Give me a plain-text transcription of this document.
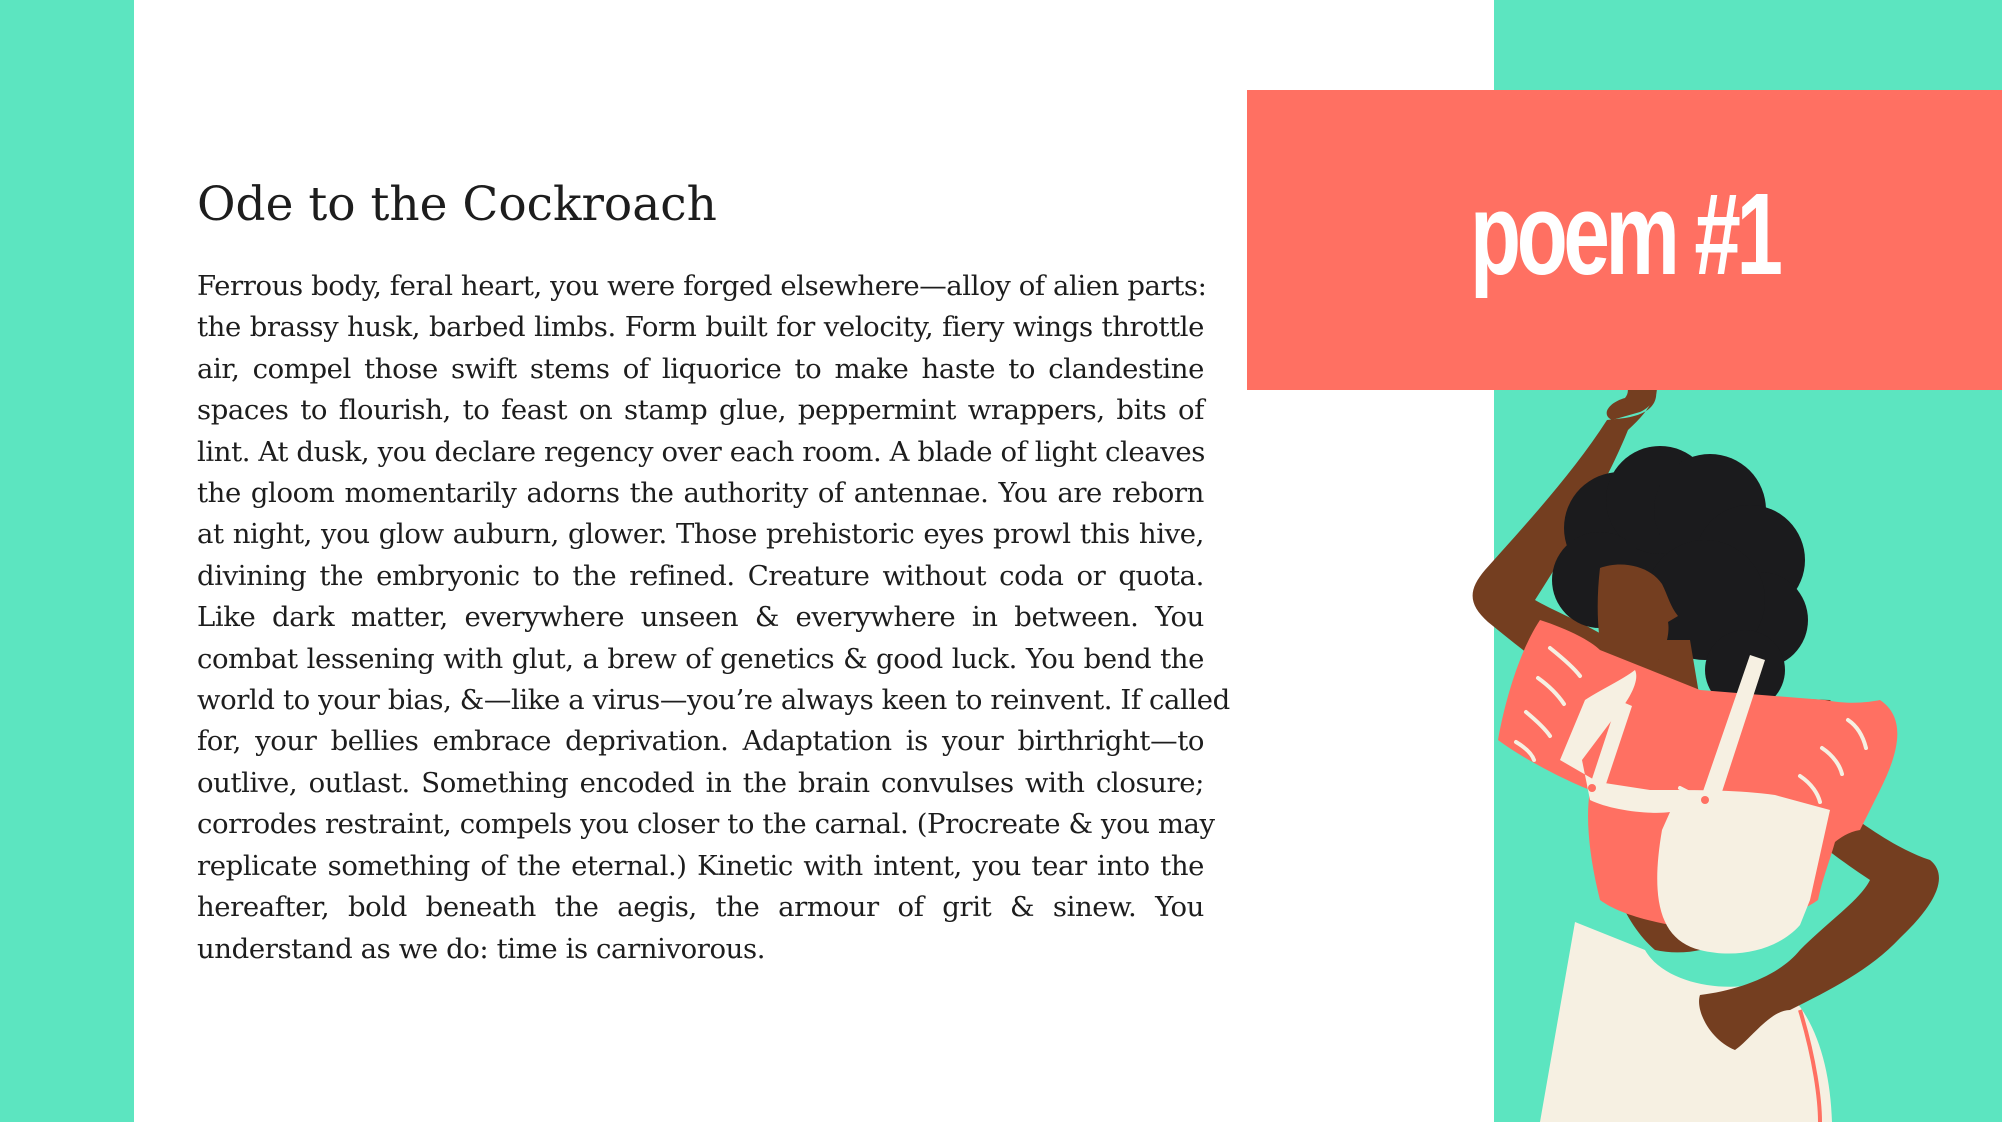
Ode to the Cockroach
Ferrous body, feral heart, you were forged elsewhere—alloy of alien parts:
the brassy husk, barbed limbs. Form built for velocity, fiery wings throttle
air, compel those swift stems of liquorice to make haste to clandestine
spaces to flourish, to feast on stamp glue, peppermint wrappers, bits of
lint. At dusk, you declare regency over each room. A blade of light cleaves
the gloom momentarily adorns the authority of antennae. You are reborn
at night, you glow auburn, glower. Those prehistoric eyes prowl this hive,
divining the embryonic to the refined. Creature without coda or quota.
Like dark matter, everywhere unseen & everywhere in between. You
combat lessening with glut, a brew of genetics & good luck. You bend the
world to your bias, &—like a virus—you’re always keen to reinvent. If called
for, your bellies embrace deprivation. Adaptation is your birthright—to
outlive, outlast. Something encoded in the brain convulses with closure;
corrodes restraint, compels you closer to the carnal. (Procreate & you may
replicate something of the eternal.) Kinetic with intent, you tear into the
hereafter, bold beneath the aegis, the armour of grit & sinew. You
understand as we do: time is carnivorous.
poem #1
